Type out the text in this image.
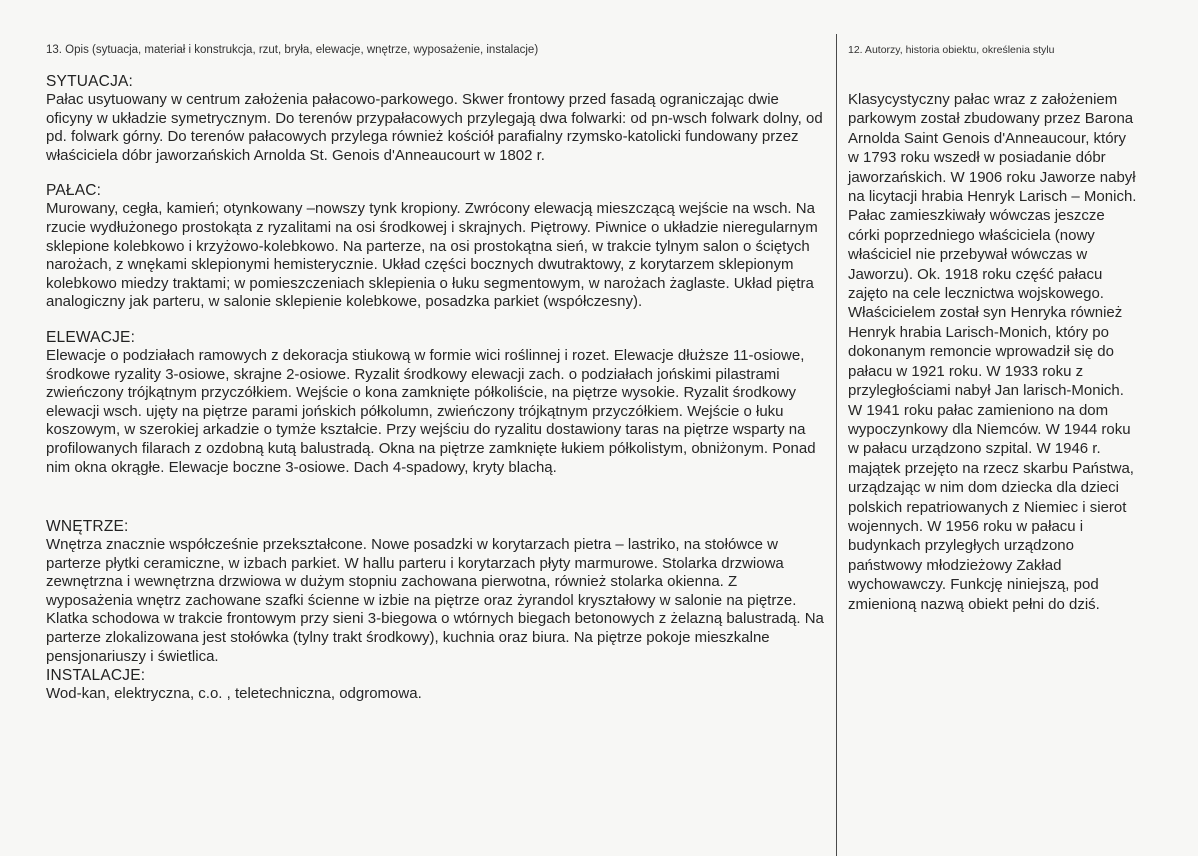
13. Opis (sytuacja, materiał i konstrukcja, rzut, bryła, elewacje, wnętrze, wyposażenie, instalacje)
SYTUACJA:
Pałac usytuowany w centrum założenia pałacowo-parkowego. Skwer frontowy przed fasadą ograniczając dwie oficyny w układzie symetrycznym. Do terenów przypałacowych przylegają dwa folwarki: od pn-wsch folwark dolny, od pd. folwark górny. Do terenów pałacowych przylega również kościół parafialny rzymsko-katolicki fundowany przez właściciela dóbr jaworzańskich Arnolda St. Genois d'Anneaucourt w 1802 r.
PAŁAC:
Murowany, cegła, kamień; otynkowany –nowszy tynk kropiony. Zwrócony elewacją mieszczącą wejście na wsch. Na rzucie wydłużonego prostokąta z ryzalitami na osi środkowej i skrajnych. Piętrowy. Piwnice o układzie nieregularnym sklepione kolebkowo i krzyżowo-kolebkowo. Na parterze, na osi prostokątna sień, w trakcie tylnym salon o ściętych narożach, z wnękami sklepionymi hemisterycznie. Układ części bocznych dwutraktowy, z korytarzem sklepionym kolebkowo miedzy traktami; w pomieszczeniach sklepienia o łuku segmentowym, w narożach żaglaste. Układ piętra analogiczny jak parteru, w salonie sklepienie kolebkowe, posadzka parkiet (współczesny).
ELEWACJE:
Elewacje o podziałach ramowych z dekoracja stiukową w formie wici roślinnej i rozet. Elewacje dłuższe 11-osiowe, środkowe ryzality 3-osiowe, skrajne 2-osiowe. Ryzalit środkowy elewacji zach. o podziałach jońskimi pilastrami zwieńczony trójkątnym przyczółkiem. Wejście o kona zamknięte półkoliście, na piętrze wysokie. Ryzalit środkowy elewacji wsch. ujęty na piętrze parami jońskich półkolumn, zwieńczony trójkątnym przyczółkiem. Wejście o łuku koszowym, w szerokiej arkadzie o tymże kształcie. Przy wejściu do ryzalitu dostawiony taras na piętrze wsparty na profilowanych filarach z ozdobną kutą balustradą. Okna na piętrze zamknięte łukiem półkolistym, obniżonym. Ponad nim okna okrągłe. Elewacje boczne 3-osiowe. Dach 4-spadowy, kryty blachą.
WNĘTRZE:
Wnętrza znacznie współcześnie przekształcone. Nowe posadzki w korytarzach pietra – lastriko, na stołówce w parterze płytki ceramiczne, w izbach parkiet. W hallu parteru i korytarzach płyty marmurowe. Stolarka drzwiowa zewnętrzna i wewnętrzna drzwiowa w dużym stopniu zachowana pierwotna, również stolarka okienna. Z wyposażenia wnętrz zachowane szafki ścienne w izbie na piętrze oraz żyrandol kryształowy w salonie na piętrze. Klatka schodowa w trakcie frontowym przy sieni 3-biegowa o wtórnych biegach betonowych z żelazną balustradą. Na parterze zlokalizowana jest stołówka (tylny trakt środkowy), kuchnia oraz biura. Na piętrze pokoje mieszkalne pensjonariuszy i świetlica.
INSTALACJE:
Wod-kan, elektryczna, c.o. , teletechniczna, odgromowa.
12. Autorzy, historia obiektu, określenia stylu
Klasycystyczny pałac wraz z założeniem parkowym został zbudowany przez Barona Arnolda Saint Genois d'Anneaucour, który w 1793 roku wszedł w posiadanie dóbr jaworzańskich. W 1906 roku Jaworze nabył na licytacji hrabia Henryk Larisch – Monich. Pałac zamieszkiwały wówczas jeszcze córki poprzedniego właściciela (nowy właściciel nie przebywał wówczas w Jaworzu). Ok. 1918 roku część pałacu zajęto na cele lecznictwa wojskowego. Właścicielem został syn Henryka również Henryk hrabia Larisch-Monich, który po dokonanym remoncie wprowadził się do pałacu w 1921 roku. W 1933 roku z przyległościami nabył Jan larisch-Monich. W 1941 roku pałac zamieniono na dom wypoczynkowy dla Niemców. W 1944 roku w pałacu urządzono szpital. W 1946 r. majątek przejęto na rzecz skarbu Państwa, urządzając w nim dom dziecka dla dzieci polskich repatriowanych z Niemiec i sierot wojennych. W 1956 roku w pałacu i budynkach przyległych urządzono państwowy młodzieżowy Zakład wychowawczy. Funkcję niniejszą, pod zmienioną nazwą obiekt pełni do dziś.
